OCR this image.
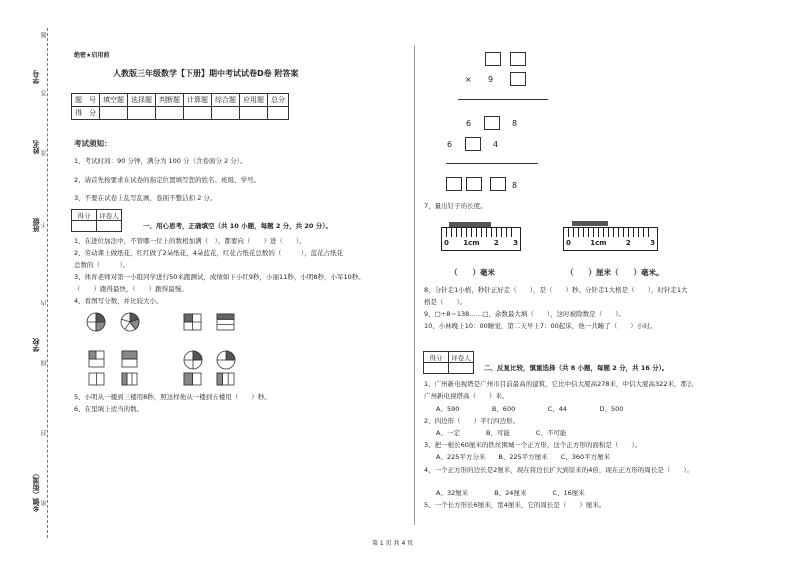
学号
姓名
班级
学校
乡镇（街道）
题
答
准
不
内
线
封
密
绝密★启用前
人教版三年级数学【下册】期中考试试卷D卷 附答案
题　号	填空题	选择题	判断题	计算题	综合题	应用题	总分
得　分							
考试须知：
1、考试时间：90 分钟，满分为 100 分（含卷面分 2 分）。
2、请首先按要求在试卷的指定位置填写您的姓名、班级、学号。
3、不要在试卷上乱写乱画，卷面不整洁扣 2 分。
得分	评卷人

一、用心思考，正确填空（共 10 小题，每题 2 分，共 20 分）。
1、在进位加法中，不管哪一位上的数相加满（　），都要向（　　）进（　　）。
2、劳动课上做纸花，红红做了2朵纸花，4朵蓝花，红花占纸花总数的（　　　），蓝花占纸花
总数的（　　　）。
3、体育老师对第一小组同学进行50米跑测试，成绩如下小红9秒，小丽11秒，小明8秒，小军10秒。
（　　）跑得最快，（　　）跑得最慢。
4、看图写分数，并比较大小。
5、小明从一楼到三楼用8秒，照这样他从一楼到五楼用（　　）秒。
6、在里填上适当的数。
× 9
6	8
6	4
8
7、量出钉子的长度。
0 1cm 2 3	0	1cm	2	3
（　　）毫米	（　　）厘米（　　）毫米。
8、分针走1小格，秒针正好走（　　），是（　　）秒。分针走1大格是（　　），时针走1大
格是（　　）。
9、□÷8＝138……□，余数最大填（　　），这时被除数是（　　）。
10、小林晚上10：00睡觉，第二天早上7：00起床，他一共睡了（　　）小时。
得分	评卷人

二、反复比较，慎重选择（共 8 小题，每题 2 分，共 16 分）。
1、广州新电视塔是广州市目前最高的建筑，它比中信大厦高278米，中信大厦高322米，那么
广州新电视塔高（　　）米。
A、590　　　　　B、600　　　　　C、44　　　　　D、500
2、四边形（　　）平行四边形。
A、一定　　　　B、可能　　　　C、不可能
3、把一根长60厘米的铁丝围城一个正方形，这个正方形的面积是（　　）。
A、225平方分米　　B、225平方厘米　　C、360平方厘米
4、一个正方形的边长是2厘米，现在将边长扩大到原来的4倍，现在正方形的周长是（　　）。
A、32厘米　　　　B、24厘米　　　　C、16厘米
5、一个长方形长6厘米，宽4厘米，它的周长是（　　）厘米。
第 1 页 共 4 页
